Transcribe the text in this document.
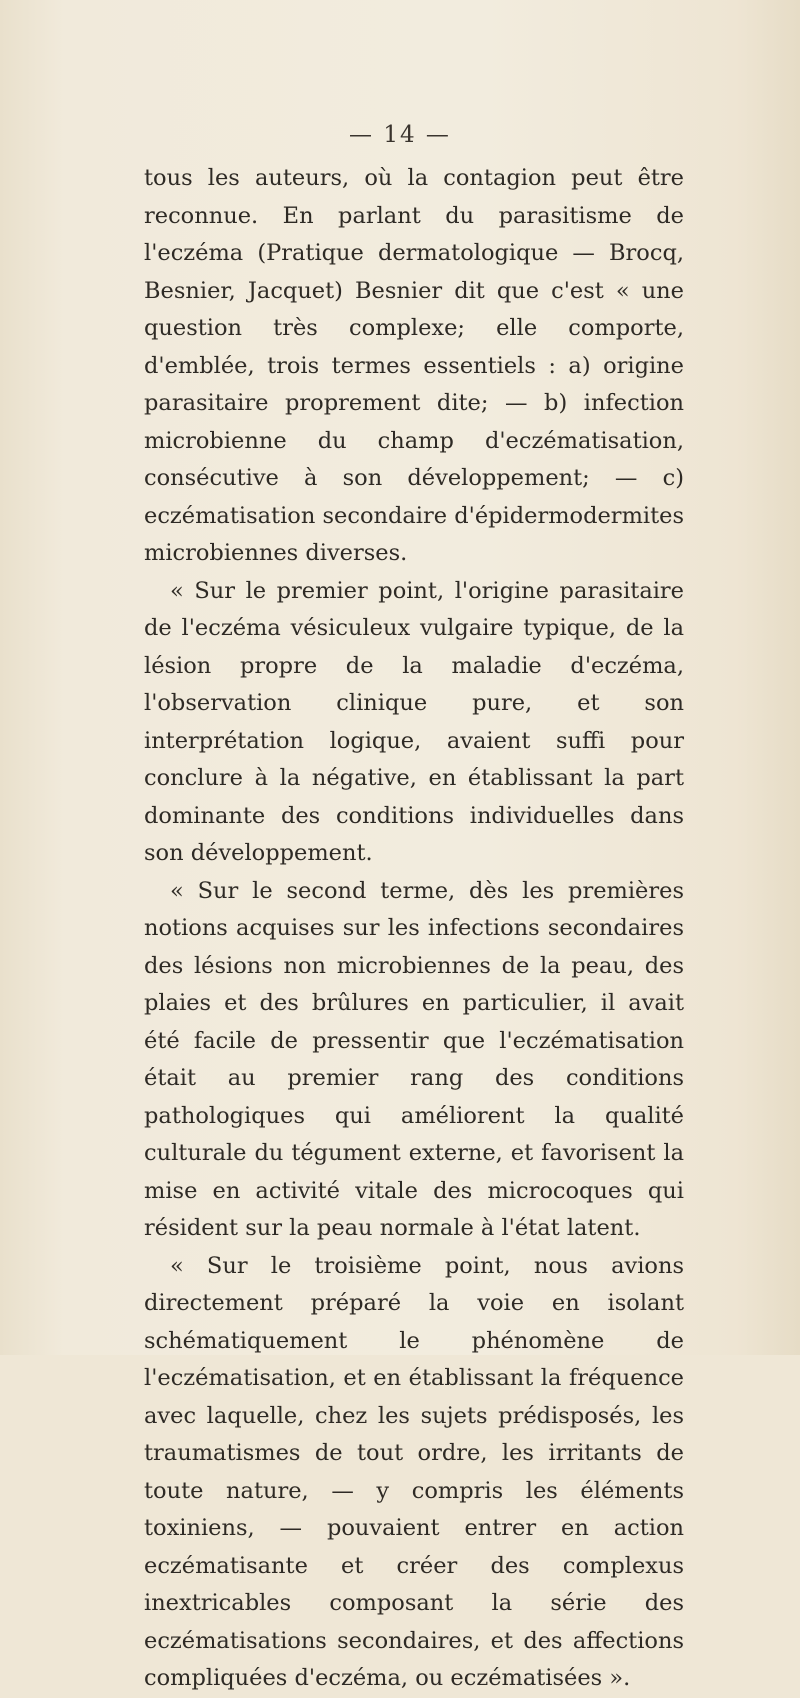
— 14 —

tous les auteurs, où la contagion peut être reconnue. En parlant du parasitisme de l'eczéma (Pratique dermatologique — Brocq, Besnier, Jacquet) Besnier dit que c'est « une question très complexe; elle comporte, d'emblée, trois termes essentiels : a) origine parasitaire proprement dite; — b) infection microbienne du champ d'eczématisation, consécutive à son développement; — c) eczématisation secondaire d'épidermodermites microbiennes diverses.

« Sur le premier point, l'origine parasitaire de l'eczéma vésiculeux vulgaire typique, de la lésion propre de la maladie d'eczéma, l'observation clinique pure, et son interprétation logique, avaient suffi pour conclure à la négative, en établissant la part dominante des conditions individuelles dans son développement.

« Sur le second terme, dès les premières notions acquises sur les infections secondaires des lésions non microbiennes de la peau, des plaies et des brûlures en particulier, il avait été facile de pressentir que l'eczématisation était au premier rang des conditions pathologiques qui améliorent la qualité culturale du tégument externe, et favorisent la mise en activité vitale des microcoques qui résident sur la peau normale à l'état latent.

« Sur le troisième point, nous avions directement préparé la voie en isolant schématiquement le phénomène de l'eczématisation, et en établissant la fréquence avec laquelle, chez les sujets prédisposés, les traumatismes de tout ordre, les irritants de toute nature, — y compris les éléments toxiniens, — pouvaient entrer en action eczématisante et créer des complexus inextricables composant la série des eczématisations secondaires, et des affections compliquées d'eczéma, ou eczématisées ».
